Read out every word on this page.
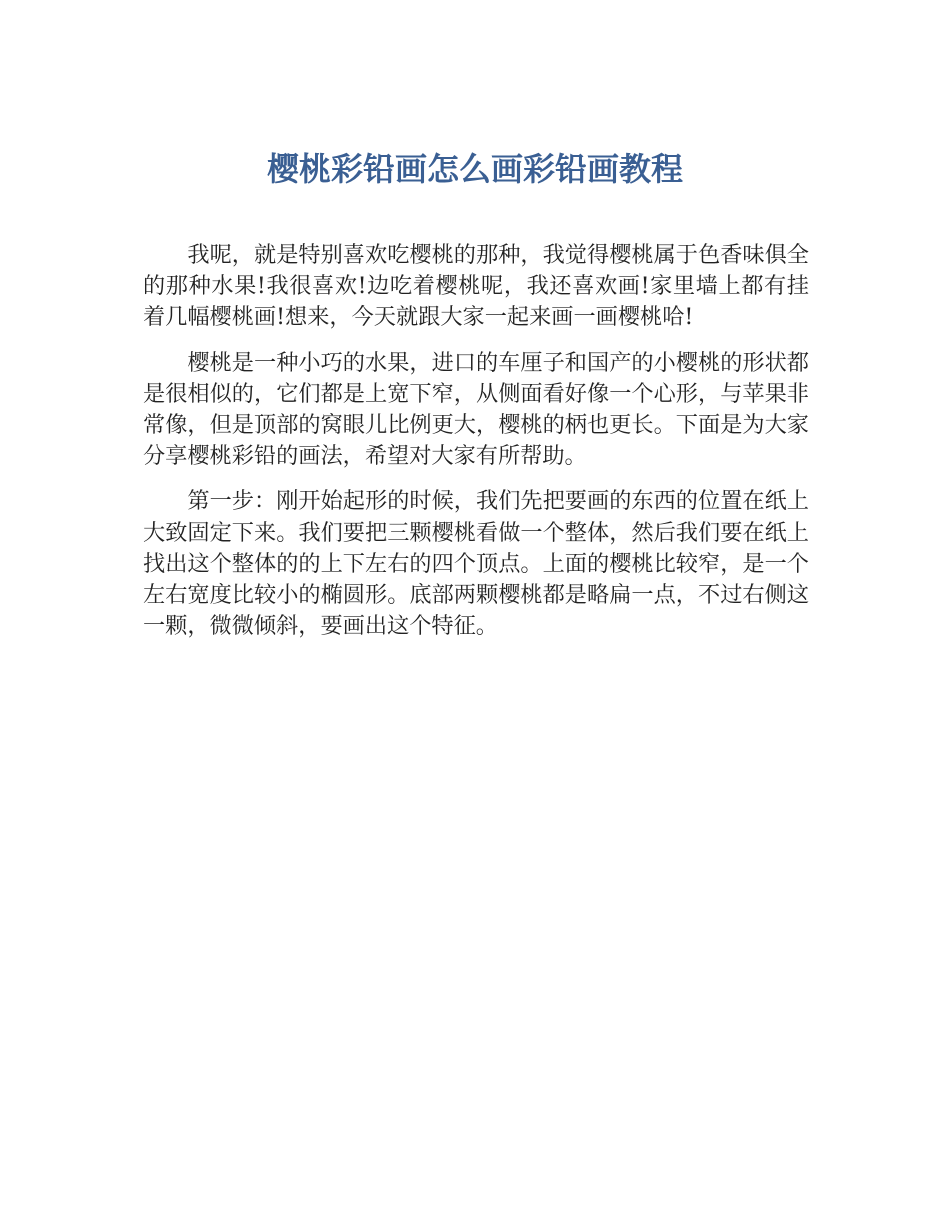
樱桃彩铅画怎么画彩铅画教程

我呢，就是特别喜欢吃樱桃的那种，我觉得樱桃属于色香味俱全的那种水果!我很喜欢!边吃着樱桃呢，我还喜欢画!家里墙上都有挂着几幅樱桃画!想来，今天就跟大家一起来画一画樱桃哈!

樱桃是一种小巧的水果，进口的车厘子和国产的小樱桃的形状都是很相似的，它们都是上宽下窄，从侧面看好像一个心形，与苹果非常像，但是顶部的窝眼儿比例更大，樱桃的柄也更长。下面是为大家分享樱桃彩铅的画法，希望对大家有所帮助。

第一步：刚开始起形的时候，我们先把要画的东西的位置在纸上大致固定下来。我们要把三颗樱桃看做一个整体，然后我们要在纸上找出这个整体的的上下左右的四个顶点。上面的樱桃比较窄，是一个左右宽度比较小的椭圆形。底部两颗樱桃都是略扁一点，不过右侧这一颗，微微倾斜，要画出这个特征。
